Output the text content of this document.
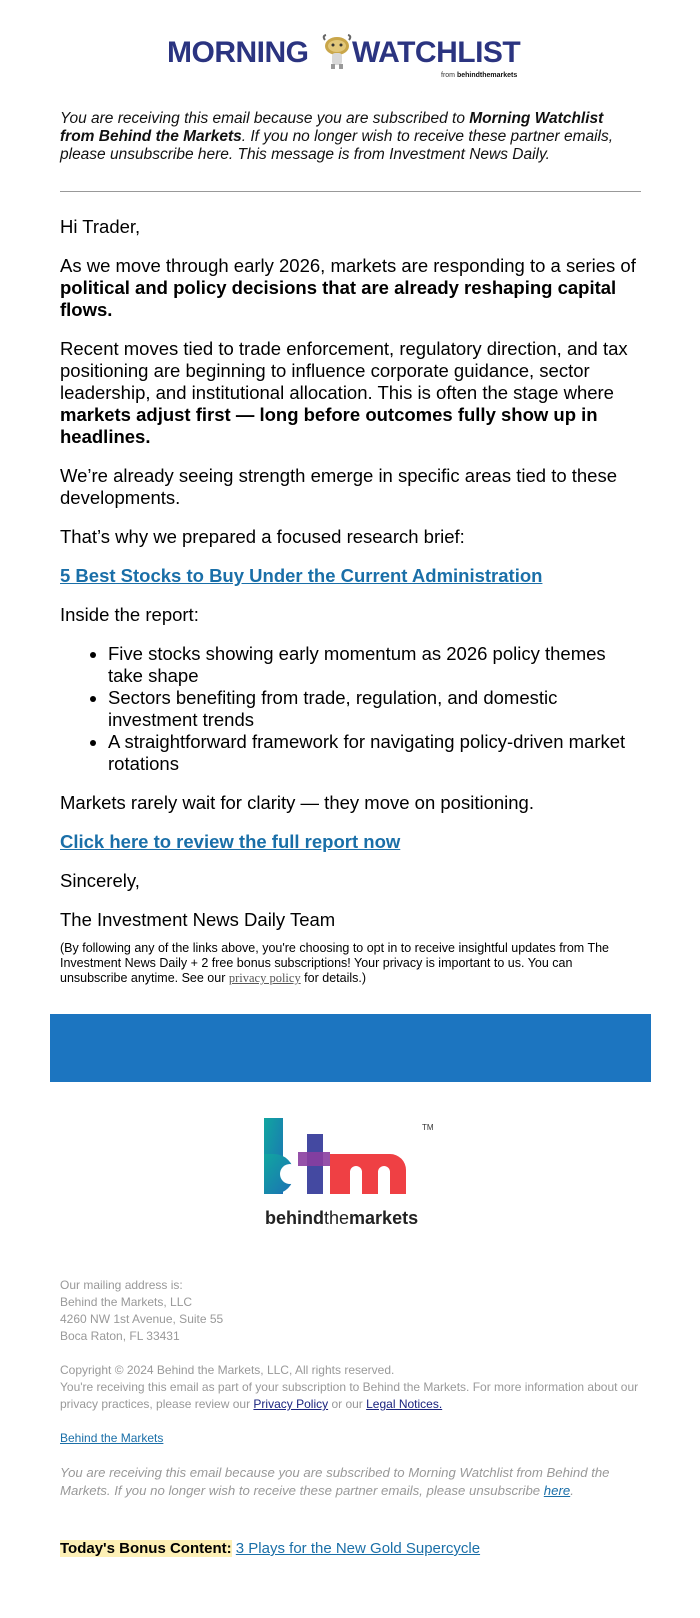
MORNING WATCHLIST
from behindthemarkets
You are receiving this email because you are subscribed to Morning Watchlist from Behind the Markets. If you no longer wish to receive these partner emails, please unsubscribe here. This message is from Investment News Daily.

Hi Trader,

As we move through early 2026, markets are responding to a series of political and policy decisions that are already reshaping capital flows.

Recent moves tied to trade enforcement, regulatory direction, and tax positioning are beginning to influence corporate guidance, sector leadership, and institutional allocation. This is often the stage where markets adjust first — long before outcomes fully show up in headlines.

We’re already seeing strength emerge in specific areas tied to these developments.

That’s why we prepared a focused research brief:

5 Best Stocks to Buy Under the Current Administration

Inside the report:

• Five stocks showing early momentum as 2026 policy themes take shape
• Sectors benefiting from trade, regulation, and domestic investment trends
• A straightforward framework for navigating policy-driven market rotations

Markets rarely wait for clarity — they move on positioning.

Click here to review the full report now

Sincerely,

The Investment News Daily Team

(By following any of the links above, you're choosing to opt in to receive insightful updates from The Investment News Daily + 2 free bonus subscriptions! Your privacy is important to us. You can unsubscribe anytime. See our privacy policy for details.)
TM
behindthemarkets

Our mailing address is:
Behind the Markets, LLC
4260 NW 1st Avenue, Suite 55
Boca Raton, FL 33431

Copyright © 2024 Behind the Markets, LLC, All rights reserved.
You're receiving this email as part of your subscription to Behind the Markets. For more information about our privacy practices, please review our Privacy Policy or our Legal Notices.

Behind the Markets

You are receiving this email because you are subscribed to Morning Watchlist from Behind the Markets. If you no longer wish to receive these partner emails, please unsubscribe here.

Today's Bonus Content: 3 Plays for the New Gold Supercycle
